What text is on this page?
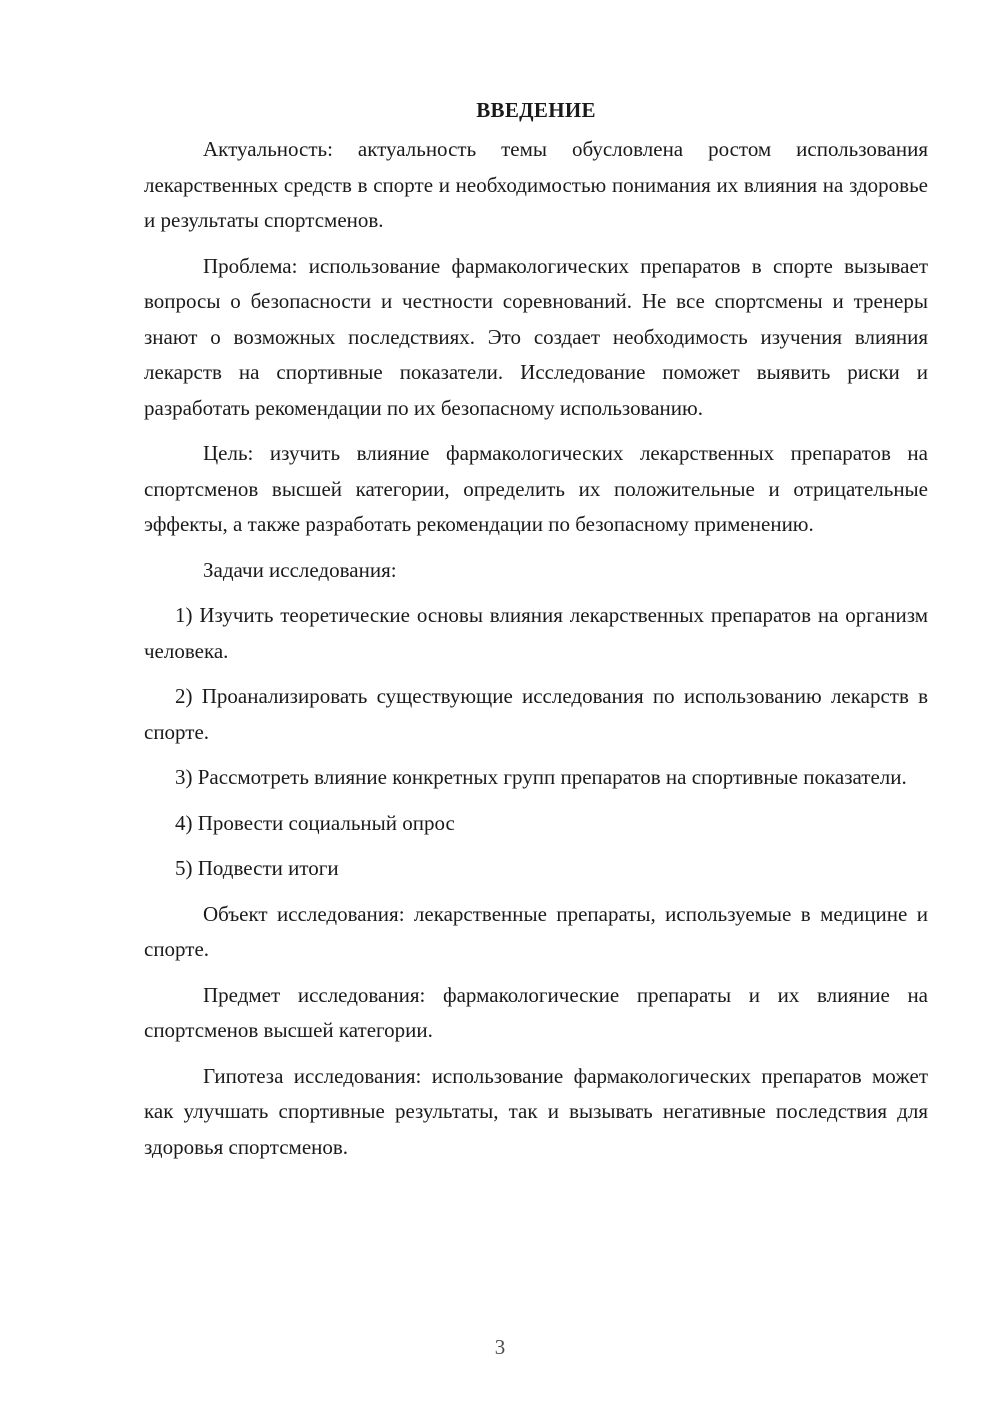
ВВЕДЕНИЕ

Актуальность: актуальность темы обусловлена ростом использования лекарственных средств в спорте и необходимостью понимания их влияния на здоровье и результаты спортсменов.

Проблема: использование фармакологических препаратов в спорте вызывает вопросы о безопасности и честности соревнований. Не все спортсмены и тренеры знают о возможных последствиях. Это создает необходимость изучения влияния лекарств на спортивные показатели. Исследование поможет выявить риски и разработать рекомендации по их безопасному использованию.

Цель: изучить влияние фармакологических лекарственных препаратов на спортсменов высшей категории, определить их положительные и отрицательные эффекты, а также разработать рекомендации по безопасному применению.

Задачи исследования:

1) Изучить теоретические основы влияния лекарственных препаратов на организм человека.

2) Проанализировать существующие исследования по использованию лекарств в спорте.

3) Рассмотреть влияние конкретных групп препаратов на спортивные показатели.

4) Провести социальный опрос

5) Подвести итоги

Объект исследования: лекарственные препараты, используемые в медицине и спорте.

Предмет исследования: фармакологические препараты и их влияние на спортсменов высшей категории.

Гипотеза исследования: использование фармакологических препаратов может как улучшать спортивные результаты, так и вызывать негативные последствия для здоровья спортсменов.

3
